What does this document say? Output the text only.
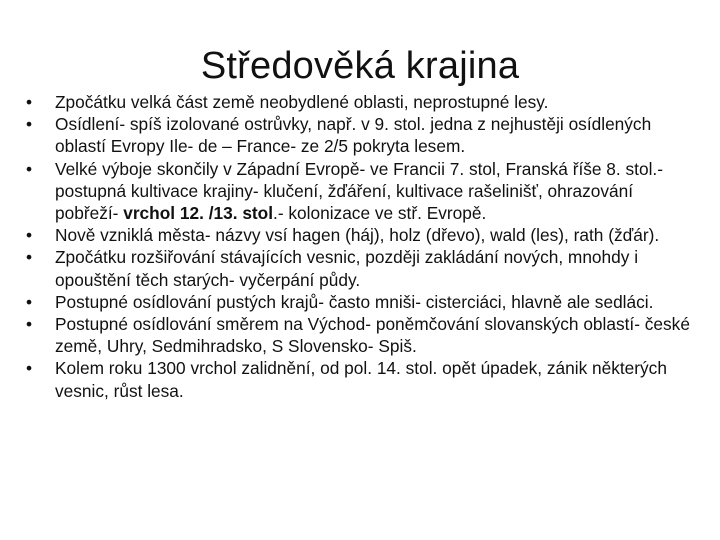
Středověká krajina
•	Zpočátku velká část země neobydlené oblasti, neprostupné lesy.
•	Osídlení- spíš izolované ostrůvky, např. v 9. stol. jedna z nejhustěji osídlených oblastí Evropy Ile- de – France- ze 2/5 pokryta lesem.
•	Velké výboje skončily v Západní Evropě- ve Francii 7. stol, Franská říše 8. stol.- postupná kultivace krajiny- klučení, žďáření, kultivace rašelinišť, ohrazování pobřeží- vrchol 12. /13. stol.- kolonizace ve stř. Evropě.
•	Nově vzniklá města- názvy vsí hagen (háj), holz (dřevo), wald (les), rath (žďár).
•	Zpočátku rozšiřování stávajících vesnic, později zakládání nových, mnohdy i opouštění těch starých- vyčerpání půdy.
•	Postupné osídlování pustých krajů- často mniši- cisterciáci, hlavně ale sedláci.
•	Postupné osídlování směrem na Východ- poněmčování slovanských oblastí- české země, Uhry, Sedmihradsko, S Slovensko- Spiš.
•	Kolem roku 1300 vrchol zalidnění, od pol. 14. stol. opět úpadek, zánik některých vesnic, růst lesa.
